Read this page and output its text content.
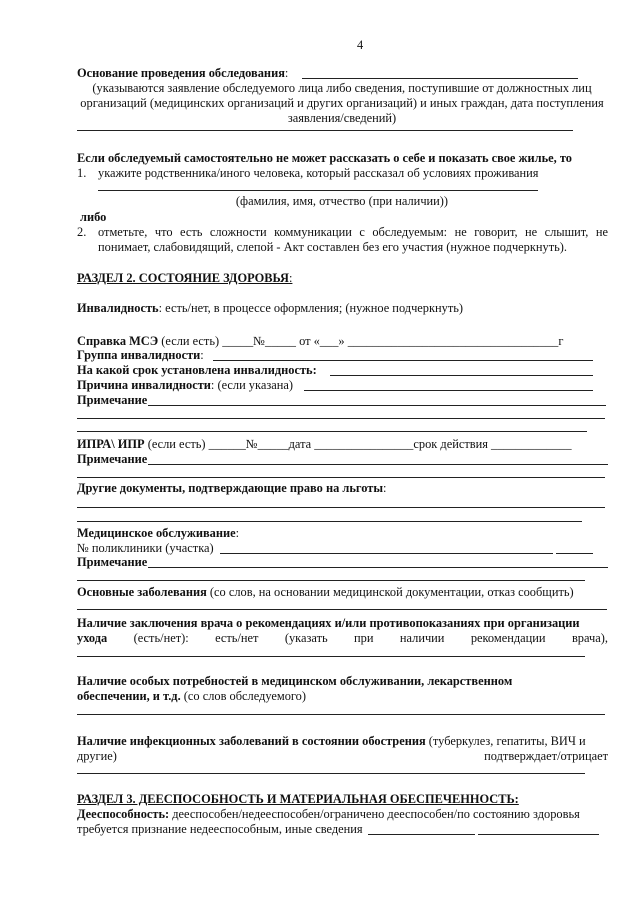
4
Основание проведения обследования:
(указываются заявление обследуемого лица либо сведения, поступившие от должностных лиц
организаций (медицинских организаций и других организаций) и иных граждан, дата поступления
заявления/сведений)
Если обследуемый самостоятельно не может рассказать о себе и показать свое жилье, то
1. укажите родственника/иного человека, который рассказал об условиях проживания
(фамилия, имя, отчество (при наличии))
либо
2. отметьте, что есть сложности коммуникации с обследуемым: не говорит, не слышит, не
понимает, слабовидящий, слепой - Акт составлен без его участия (нужное подчеркнуть).
РАЗДЕЛ 2. СОСТОЯНИЕ ЗДОРОВЬЯ:
Инвалидность: есть/нет, в процессе оформления; (нужное подчеркнуть)
Справка МСЭ (если есть) _____№_____ от «___» __________________________________г
Группа инвалидности:
На какой срок установлена инвалидность:
Причина инвалидности: (если указана)
Примечание
ИПРА\ ИПР (если есть) ______№_____дата ________________срок действия _____________
Примечание
Другие документы, подтверждающие право на льготы:
Медицинское обслуживание:
№ поликлиники (участка)
Примечание
Основные заболевания (со слов, на основании медицинской документации, отказ сообщить)
Наличие заключения врача о рекомендациях и/или противопоказаниях при организации
ухода (есть/нет): есть/нет (указать при наличии рекомендации врача),
Наличие особых потребностей в медицинском обслуживании, лекарственном
обеспечении, и т.д. (со слов обследуемого)
Наличие инфекционных заболеваний в состоянии обострения (туберкулез, гепатиты, ВИЧ и
другие)	подтверждает/отрицает
РАЗДЕЛ 3. ДЕЕСПОСОБНОСТЬ И МАТЕРИАЛЬНАЯ ОБЕСПЕЧЕННОСТЬ:
Дееспособность: дееспособен/недееспособен/ограничено дееспособен/по состоянию здоровья
требуется признание недееспособным, иные сведения
